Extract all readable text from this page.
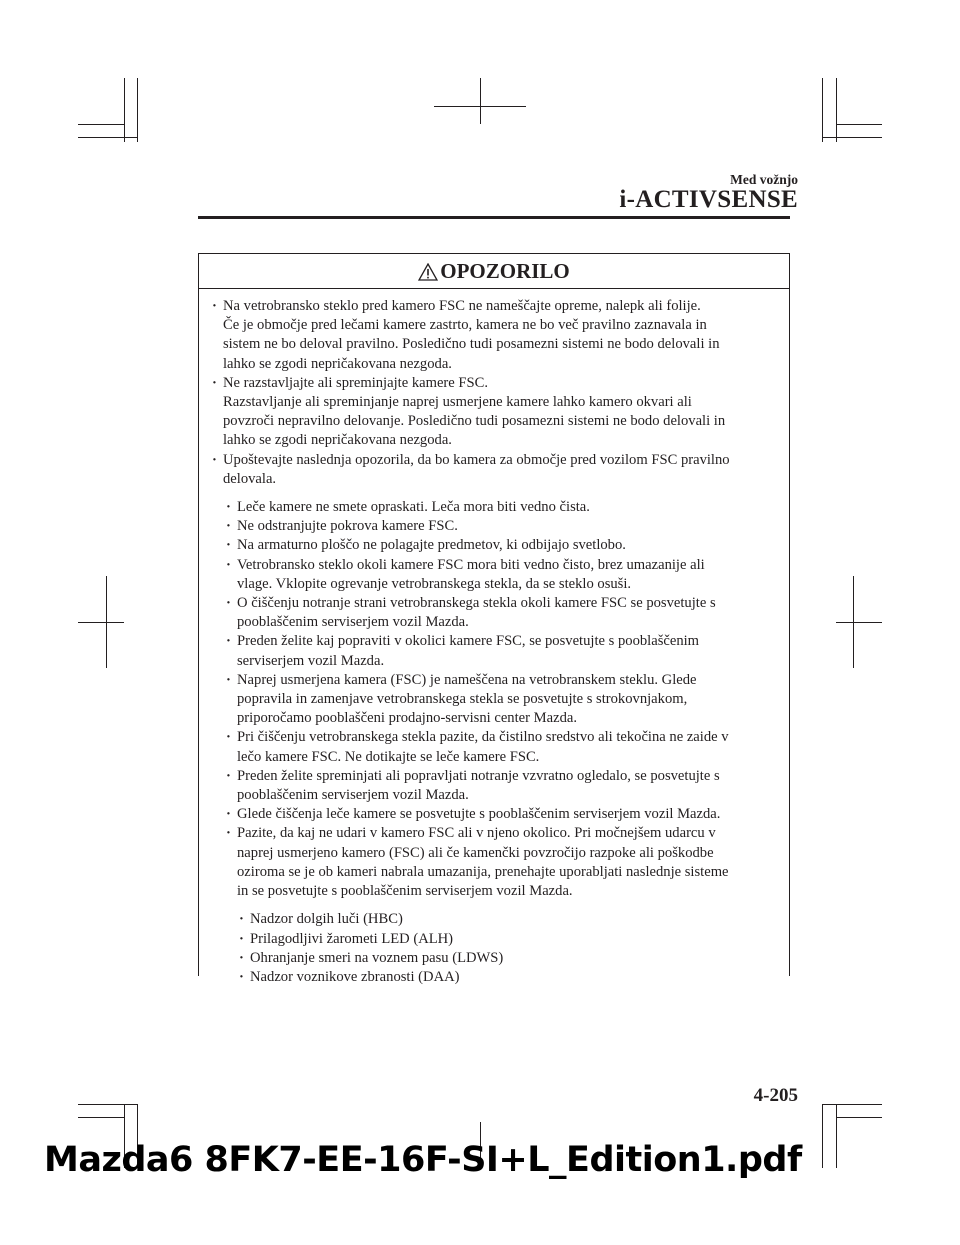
Med vožnjo
i-ACTIVSENSE
OPOZORILO
· Na vetrobransko steklo pred kamero FSC ne nameščajte opreme, nalepk ali folije.
Če je območje pred lečami kamere zastrto, kamera ne bo več pravilno zaznavala in
sistem ne bo deloval pravilno. Posledično tudi posamezni sistemi ne bodo delovali in
lahko se zgodi nepričakovana nezgoda.
· Ne razstavljajte ali spreminjajte kamere FSC.
Razstavljanje ali spreminjanje naprej usmerjene kamere lahko kamero okvari ali
povzroči nepravilno delovanje. Posledično tudi posamezni sistemi ne bodo delovali in
lahko se zgodi nepričakovana nezgoda.
· Upoštevajte naslednja opozorila, da bo kamera za območje pred vozilom FSC pravilno
delovala.
· Leče kamere ne smete opraskati. Leča mora biti vedno čista.
· Ne odstranjujte pokrova kamere FSC.
· Na armaturno ploščo ne polagajte predmetov, ki odbijajo svetlobo.
· Vetrobransko steklo okoli kamere FSC mora biti vedno čisto, brez umazanije ali
vlage. Vklopite ogrevanje vetrobranskega stekla, da se steklo osuši.
· O čiščenju notranje strani vetrobranskega stekla okoli kamere FSC se posvetujte s
pooblaščenim serviserjem vozil Mazda.
· Preden želite kaj popraviti v okolici kamere FSC, se posvetujte s pooblaščenim
serviserjem vozil Mazda.
· Naprej usmerjena kamera (FSC) je nameščena na vetrobranskem steklu. Glede
popravila in zamenjave vetrobranskega stekla se posvetujte s strokovnjakom,
priporočamo pooblaščeni prodajno-servisni center Mazda.
· Pri čiščenju vetrobranskega stekla pazite, da čistilno sredstvo ali tekočina ne zaide v
lečo kamere FSC. Ne dotikajte se leče kamere FSC.
· Preden želite spreminjati ali popravljati notranje vzvratno ogledalo, se posvetujte s
pooblaščenim serviserjem vozil Mazda.
· Glede čiščenja leče kamere se posvetujte s pooblaščenim serviserjem vozil Mazda.
· Pazite, da kaj ne udari v kamero FSC ali v njeno okolico. Pri močnejšem udarcu v
naprej usmerjeno kamero (FSC) ali če kamenčki povzročijo razpoke ali poškodbe
oziroma se je ob kameri nabrala umazanija, prenehajte uporabljati naslednje sisteme
in se posvetujte s pooblaščenim serviserjem vozil Mazda.
· Nadzor dolgih luči (HBC)
· Prilagodljivi žarometi LED (ALH)
· Ohranjanje smeri na voznem pasu (LDWS)
· Nadzor voznikove zbranosti (DAA)
4-205
Mazda6 8FK7-EE-16F-SI+L_Edition1.pdf
